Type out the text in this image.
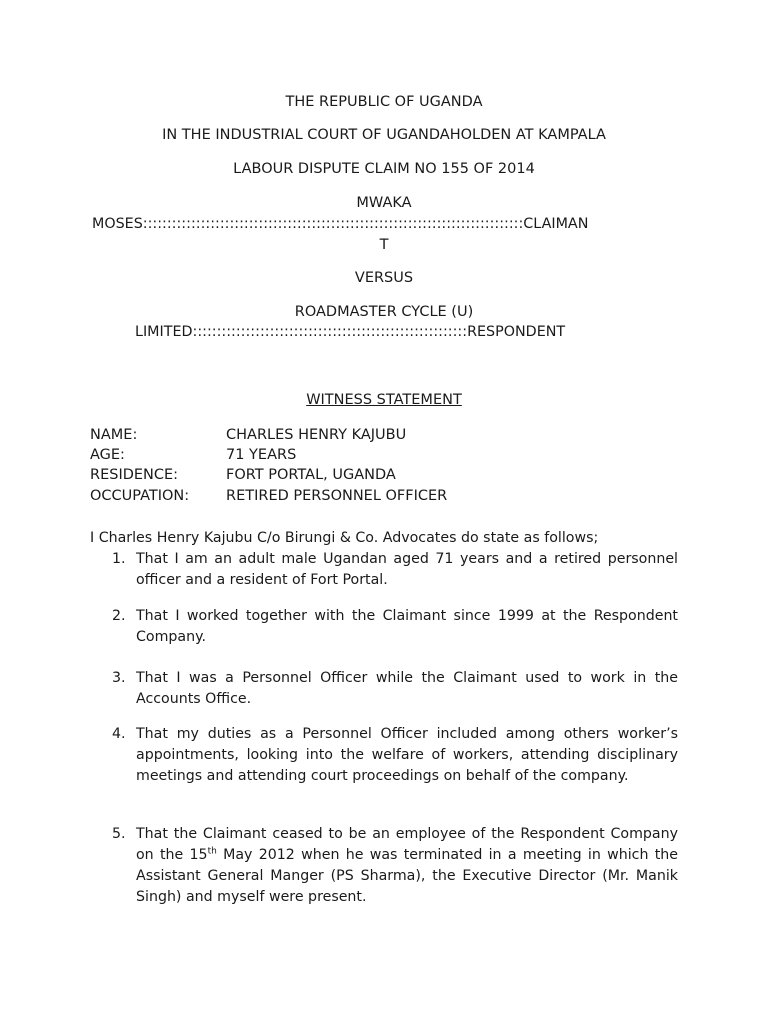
THE REPUBLIC OF UGANDA
IN THE INDUSTRIAL COURT OF UGANDAHOLDEN AT KAMPALA
LABOUR DISPUTE CLAIM NO 155 OF 2014
MWAKA
MOSES:::::::::::::::::::::::::::::::::::::::::::::::::::::::::::::::::::::::::::::::CLAIMAN
T
VERSUS
ROADMASTER CYCLE (U)
LIMITED:::::::::::::::::::::::::::::::::::::::::::::::::::::::::RESPONDENT
WITNESS STATEMENT
NAME:	CHARLES HENRY KAJUBU
AGE:	71 YEARS
RESIDENCE:	FORT PORTAL, UGANDA
OCCUPATION:	RETIRED PERSONNEL OFFICER
I Charles Henry Kajubu C/o Birungi & Co. Advocates do state as follows;
1. That I am an adult male Ugandan aged 71 years and a retired personnel officer and a resident of Fort Portal.
2. That I worked together with the Claimant since 1999 at the Respondent Company.
3. That I was a Personnel Officer while the Claimant used to work in the Accounts Office.
4. That my duties as a Personnel Officer included among others worker’s appointments, looking into the welfare of workers, attending disciplinary meetings and attending court proceedings on behalf of the company.
5. That the Claimant ceased to be an employee of the Respondent Company on the 15th May 2012 when he was terminated in a meeting in which the Assistant General Manger (PS Sharma), the Executive Director (Mr. Manik Singh) and myself were present.
